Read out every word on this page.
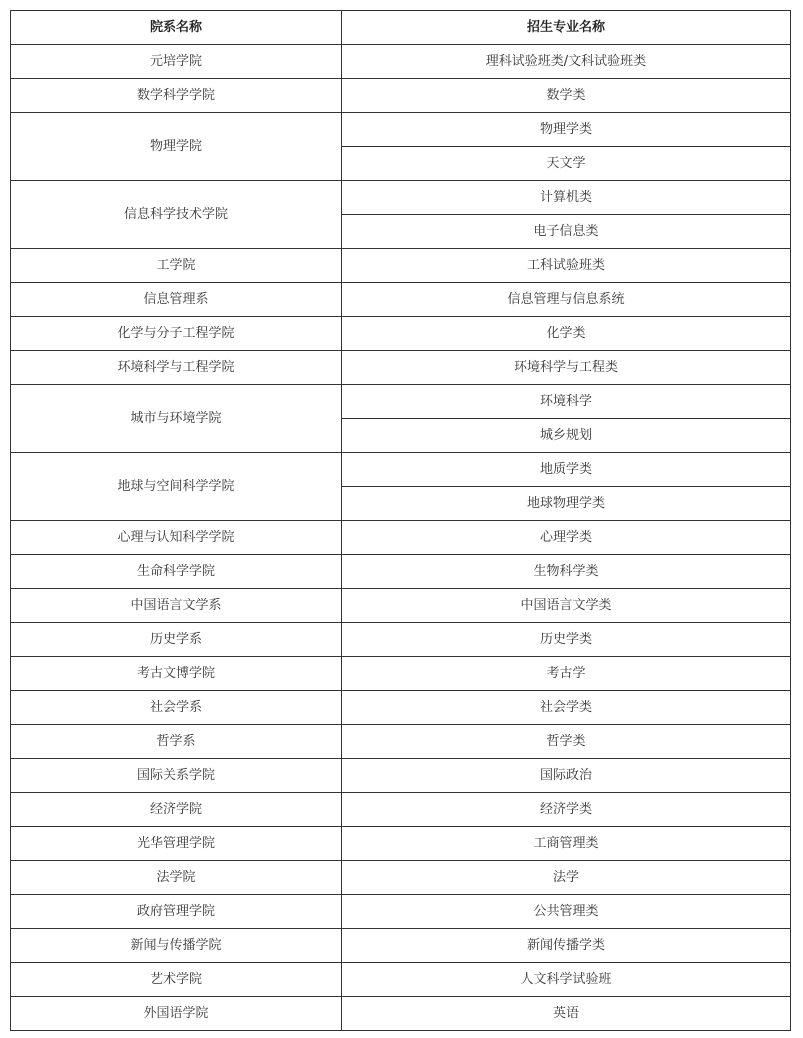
院系名称	招生专业名称
元培学院	理科试验班类/文科试验班类
数学科学学院	数学类
物理学院	物理学类
	天文学
信息科学技术学院	计算机类
	电子信息类
工学院	工科试验班类
信息管理系	信息管理与信息系统
化学与分子工程学院	化学类
环境科学与工程学院	环境科学与工程类
城市与环境学院	环境科学
	城乡规划
地球与空间科学学院	地质学类
	地球物理学类
心理与认知科学学院	心理学类
生命科学学院	生物科学类
中国语言文学系	中国语言文学类
历史学系	历史学类
考古文博学院	考古学
社会学系	社会学类
哲学系	哲学类
国际关系学院	国际政治
经济学院	经济学类
光华管理学院	工商管理类
法学院	法学
政府管理学院	公共管理类
新闻与传播学院	新闻传播学类
艺术学院	人文科学试验班
外国语学院	英语
